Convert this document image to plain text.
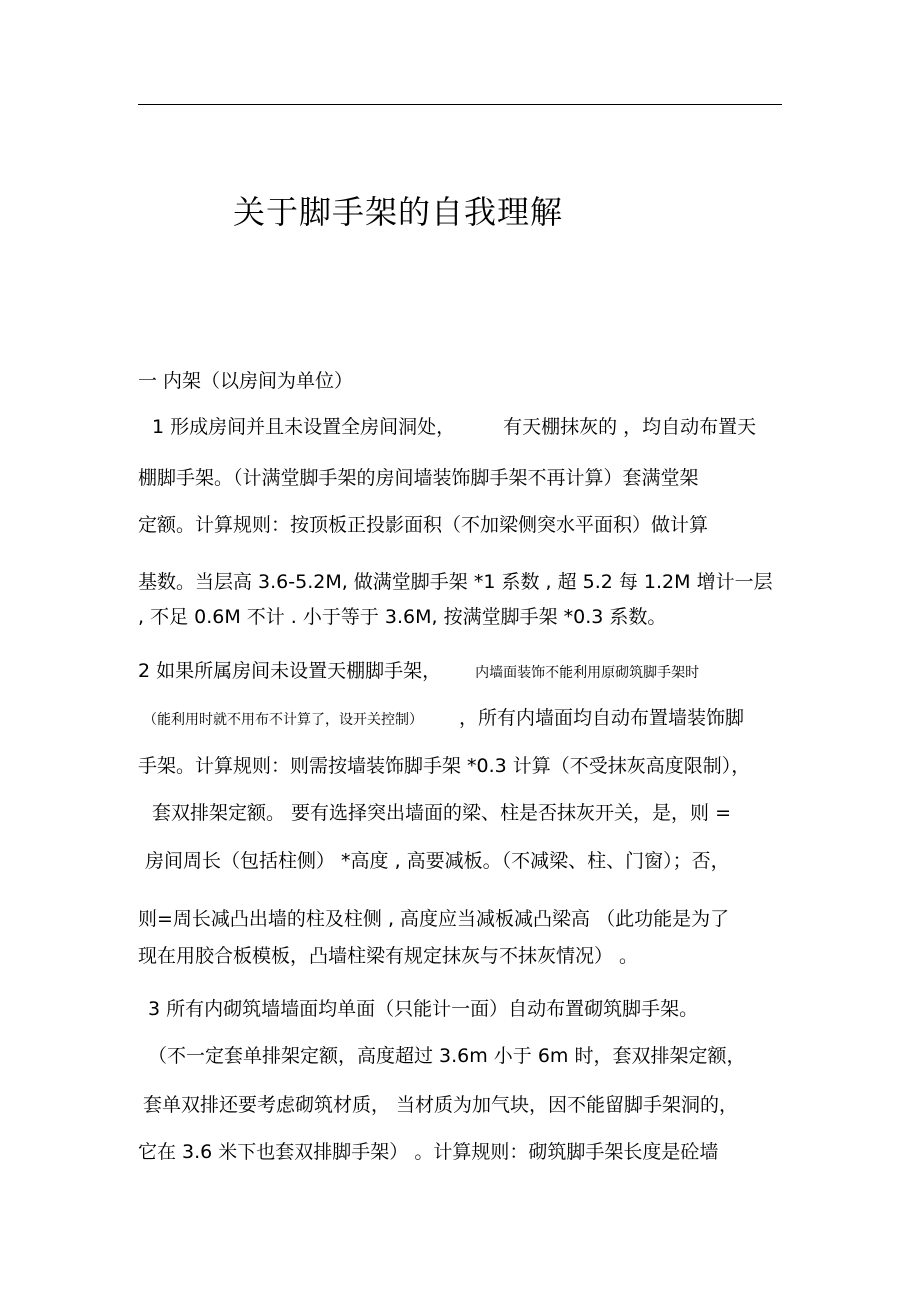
关于脚手架的自我理解
一 内架（以房间为单位）
1 形成房间并且未设置全房间洞处，	有天棚抹灰的 ，均自动布置天
棚脚手架。（计满堂脚手架的房间墙装饰脚手架不再计算）套满堂架
定额。计算规则：按顶板正投影面积（不加梁侧突水平面积）做计算
基数。当层高 3.6-5.2M, 做满堂脚手架 *1 系数 , 超 5.2 每 1.2M 增计一层
, 不足 0.6M 不计 . 小于等于 3.6M, 按满堂脚手架 *0.3 系数。
2 如果所属房间未设置天棚脚手架， 内墙面装饰不能利用原砌筑脚手架时
（能利用时就不用布不计算了，设开关控制） ，所有内墙面均自动布置墙装饰脚
手架。计算规则：则需按墙装饰脚手架 *0.3 计算（不受抹灰高度限制），
套双排架定额。 要有选择突出墙面的梁、柱是否抹灰开关，是，则 =
房间周长（包括柱侧） *高度 , 高要减板。（不减梁、柱、门窗）；否，
则=周长减凸出墙的柱及柱侧 , 高度应当减板减凸梁高 （此功能是为了
现在用胶合板模板，凸墙柱梁有规定抹灰与不抹灰情况） 。
3 所有内砌筑墙墙面均单面（只能计一面）自动布置砌筑脚手架。
（不一定套单排架定额，高度超过 3.6m 小于 6m 时，套双排架定额，
套单双排还要考虑砌筑材质， 当材质为加气块，因不能留脚手架洞的，
它在 3.6 米下也套双排脚手架） 。计算规则：砌筑脚手架长度是砼墙
